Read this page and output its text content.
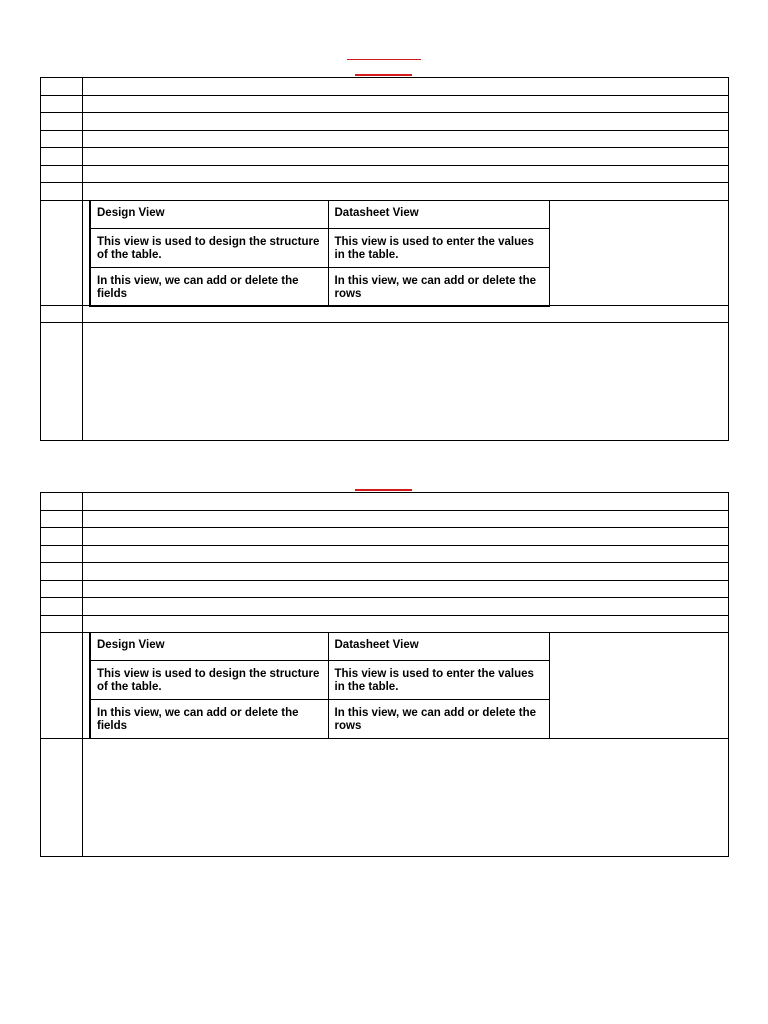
Design View	Datasheet View
This view is used to design the structure of the table.	This view is used to enter the values in the table.
In this view, we can add or delete the fields	In this view, we can add or delete the rows
Design View	Datasheet View
This view is used to design the structure of the table.	This view is used to enter the values in the table.
In this view, we can add or delete the fields	In this view, we can add or delete the rows
